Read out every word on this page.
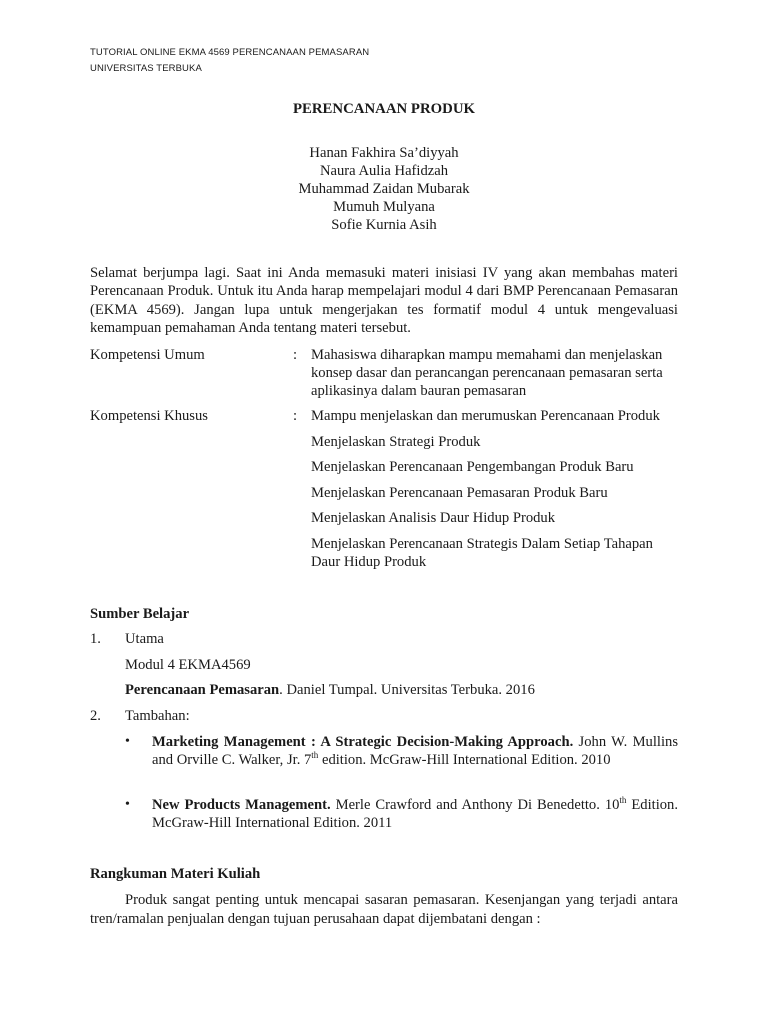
TUTORIAL ONLINE EKMA 4569 PERENCANAAN PEMASARAN
UNIVERSITAS TERBUKA
PERENCANAAN PRODUK
Hanan Fakhira Sa’diyyah
Naura Aulia Hafidzah
Muhammad Zaidan Mubarak
Mumuh Mulyana
Sofie Kurnia Asih

Selamat berjumpa lagi. Saat ini Anda memasuki materi inisiasi IV yang akan membahas materi Perencanaan Produk. Untuk itu Anda harap mempelajari modul 4 dari BMP Perencanaan Pemasaran (EKMA 4569). Jangan lupa untuk mengerjakan tes formatif modul 4 untuk mengevaluasi kemampuan pemahaman Anda tentang materi tersebut.

Kompetensi Umum	: Mahasiswa diharapkan mampu memahami dan menjelaskan konsep dasar dan perancangan perencanaan pemasaran serta aplikasinya dalam bauran pemasaran
Kompetensi Khusus	: Mampu menjelaskan dan merumuskan Perencanaan Produk
Menjelaskan Strategi Produk
Menjelaskan Perencanaan Pengembangan Produk Baru
Menjelaskan Perencanaan Pemasaran Produk Baru
Menjelaskan Analisis Daur Hidup Produk
Menjelaskan Perencanaan Strategis Dalam Setiap Tahapan Daur Hidup Produk
Sumber Belajar
1. Utama
Modul 4 EKMA4569
Perencanaan Pemasaran. Daniel Tumpal. Universitas Terbuka. 2016
2. Tambahan:
• Marketing Management : A Strategic Decision-Making Approach. John W. Mullins and Orville C. Walker, Jr. 7th edition. McGraw-Hill International Edition. 2010
• New Products Management. Merle Crawford and Anthony Di Benedetto. 10th Edition. McGraw-Hill International Edition. 2011
Rangkuman Materi Kuliah

Produk sangat penting untuk mencapai sasaran pemasaran. Kesenjangan yang terjadi antara tren/ramalan penjualan dengan tujuan perusahaan dapat dijembatani dengan :
